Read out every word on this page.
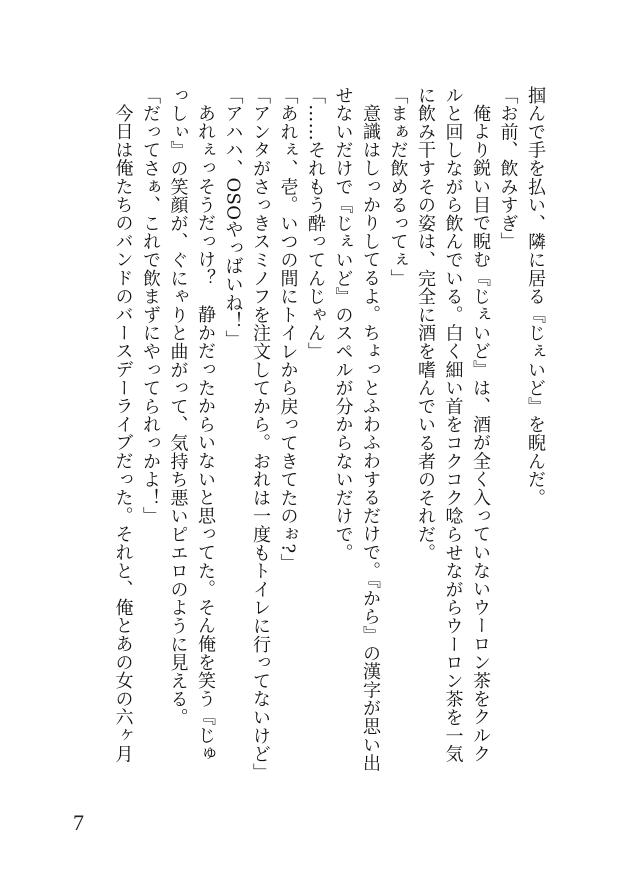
掴んで手を払い、隣に居る『じぇいど』を睨んだ。
「お前、飲みすぎ」
俺より鋭い目で睨む『じぇいど』は、酒が全く入っていないウーロン茶をクルク
ルと回しながら飲んでいる。白く細い首をコクコク唸らせながらウーロン茶を一気
に飲み干すその姿は、完全に酒を嗜んでいる者のそれだ。
「まぁだ飲めるってぇ」
意識はしっかりしてるよ。ちょっとふわふわするだけで。『から』の漢字が思い出
せないだけで『じぇいど』のスペルが分からないだけで。
「……それもう酔ってんじゃん」
「あれぇ、壱。いつの間にトイレから戻ってきてたのぉ?」
「アンタがさっきスミノフを注文してから。おれは一度もトイレに行ってないけど」
「アハハ、OSOやっばいね！」
あれぇっそうだっけ？　静かだったからいないと思ってた。そん俺を笑う『じゅ
っしぃ』の笑顔が、ぐにゃりと曲がって、気持ち悪いピエロのように見える。
「だってさぁ、これで飲まずにやってられっかよ！」
今日は俺たちのバンドのバースデーライブだった。それと、俺とあの女の六ヶ月
7
